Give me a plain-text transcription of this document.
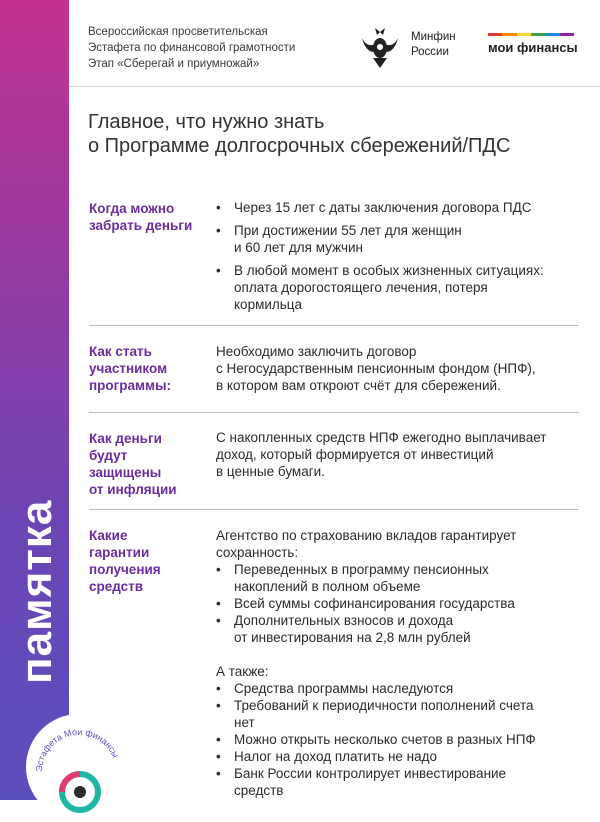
памятка
Эстафета Мои финансы
Всероссийская просветительская
Эстафета по финансовой грамотности
Этап «Сберегай и приумножай»
Минфин
России	мои финансы
Главное, что нужно знать
о Программе долгосрочных сбережений/ПДС
Когда можно
забрать деньги
• Через 15 лет с даты заключения договора ПДС
• При достижении 55 лет для женщин
и 60 лет для мужчин
• В любой момент в особых жизненных ситуациях:
оплата дорогостоящего лечения, потеря
кормильца
Как стать
участником
программы:
Необходимо заключить договор
с Негосударственным пенсионным фондом (НПФ),
в котором вам откроют счёт для сбережений.
Как деньги
будут
защищены
от инфляции
С накопленных средств НПФ ежегодно выплачивает
доход, который формируется от инвестиций
в ценные бумаги.
Какие
гарантии
получения
средств
Агентство по страхованию вкладов гарантирует
сохранность:
• Переведенных в программу пенсионных
накоплений в полном объеме
• Всей суммы софинансирования государства
• Дополнительных взносов и дохода
от инвестирования на 2,8 млн рублей
А также:
• Средства программы наследуются
• Требований к периодичности пополнений счета
нет
• Можно открыть несколько счетов в разных НПФ
• Налог на доход платить не надо
• Банк России контролирует инвестирование
средств
